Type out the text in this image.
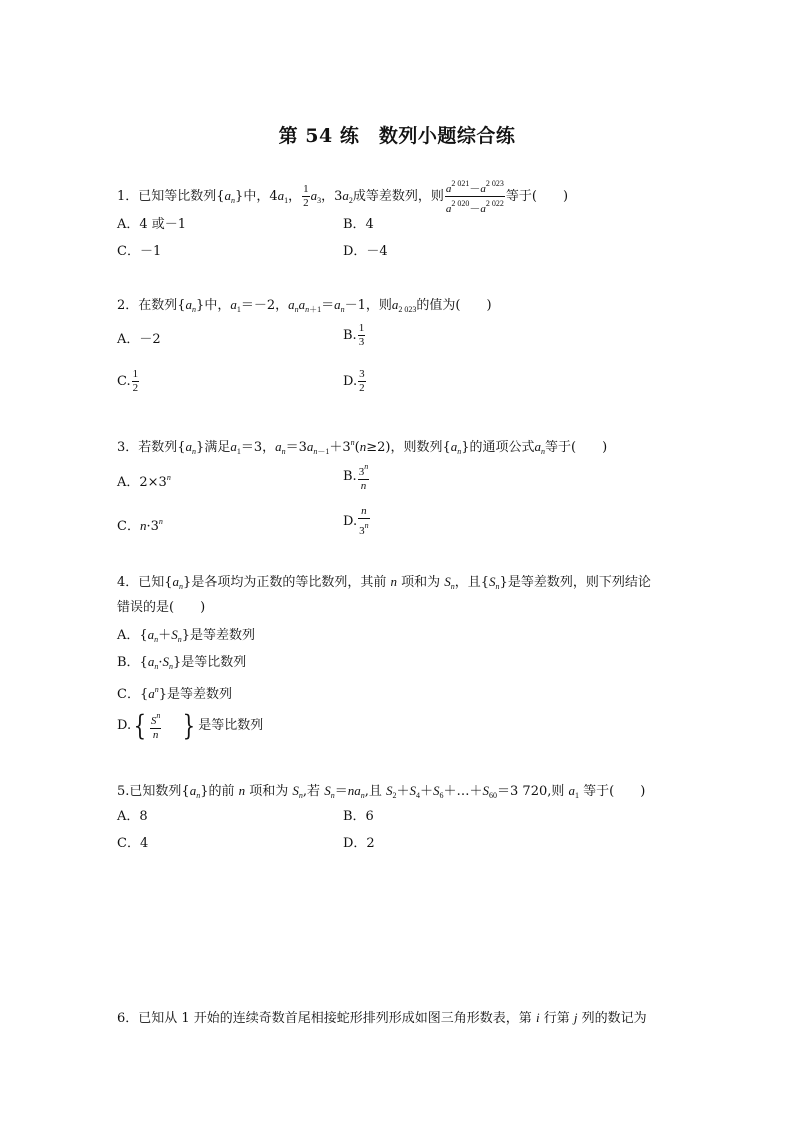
第 54 练　数列小题综合练
1．已知等比数列$\{a_n\}$中，$4a_1$， $\frac{1}{2} a_3$，$3a_2$成等差数列，则 $\frac{a^{2 021}-a^{2 023}}{a^{2 020}-a^{2 022}}$ 等于(　　)
A．4 或－1	B．4
C．－1	D．－4
2．在数列$\{a_n\}$中，$a_1=-2$，$a_na_{n+1}=a_n-1$，则$a_{2 023}$的值为(　　)
A．－2	B. $\frac{1}{3}$
C. $\frac{1}{2}$	D. $\frac{3}{2}$
3．若数列$\{a_n\}$满足$a_1=3$，$a_n=3a_{n-1}+3^n(n\ge 2)$，则数列$\{a_n\}$的通项公式$a_n$等于(　　)
A．$2\times 3^n$	B. $\frac{3^n}{n}$
C．$n\cdot 3^n$	D. $\frac{n}{3^n}$
4．已知$\{a_n\}$是各项均为正数的等比数列，其前 n 项和为 $S_n$，且$\{S_n\}$是等差数列，则下列结论
错误的是(　　)
A．$\{a_n+S_n\}$是等差数列
B．$\{a_n\cdot S_n\}$是等比数列
C．$\{a^n\}$是等差数列
D. { $\frac{S^n}{n}$ } 是等比数列
5.已知数列$\{a_n\}$的前 n 项和为 $S_n$,若 $S_n=na_n$,且 $S_2+S_4+S_6+\dots+S_{60}=3$ 720,则 $a_1$ 等于(　　)
A．8	B．6
C．4	D．2
6．已知从 1 开始的连续奇数首尾相接蛇形排列形成如图三角形数表，第 i 行第 j 列的数记为
